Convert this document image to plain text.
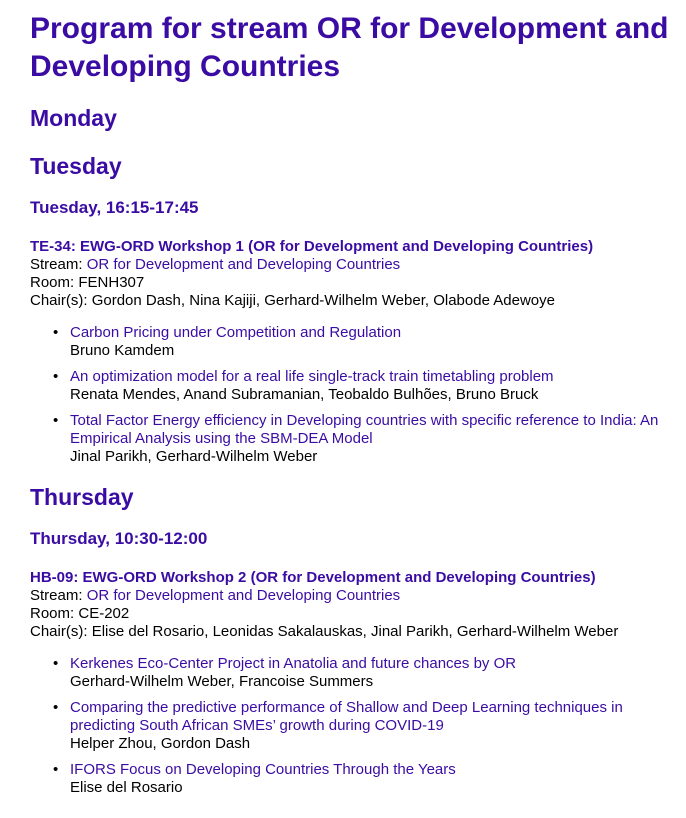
Program for stream OR for Development and Developing Countries
Monday
Tuesday
Tuesday, 16:15-17:45
TE-34: EWG-ORD Workshop 1 (OR for Development and Developing Countries)
Stream: OR for Development and Developing Countries
Room: FENH307
Chair(s): Gordon Dash, Nina Kajiji, Gerhard-Wilhelm Weber, Olabode Adewoye
• Carbon Pricing under Competition and Regulation
Bruno Kamdem
• An optimization model for a real life single-track train timetabling problem
Renata Mendes, Anand Subramanian, Teobaldo Bulhões, Bruno Bruck
• Total Factor Energy efficiency in Developing countries with specific reference to India: An Empirical Analysis using the SBM-DEA Model
Jinal Parikh, Gerhard-Wilhelm Weber
Thursday
Thursday, 10:30-12:00
HB-09: EWG-ORD Workshop 2 (OR for Development and Developing Countries)
Stream: OR for Development and Developing Countries
Room: CE-202
Chair(s): Elise del Rosario, Leonidas Sakalauskas, Jinal Parikh, Gerhard-Wilhelm Weber
• Kerkenes Eco-Center Project in Anatolia and future chances by OR
Gerhard-Wilhelm Weber, Francoise Summers
• Comparing the predictive performance of Shallow and Deep Learning techniques in predicting South African SMEs’ growth during COVID-19
Helper Zhou, Gordon Dash
• IFORS Focus on Developing Countries Through the Years
Elise del Rosario
